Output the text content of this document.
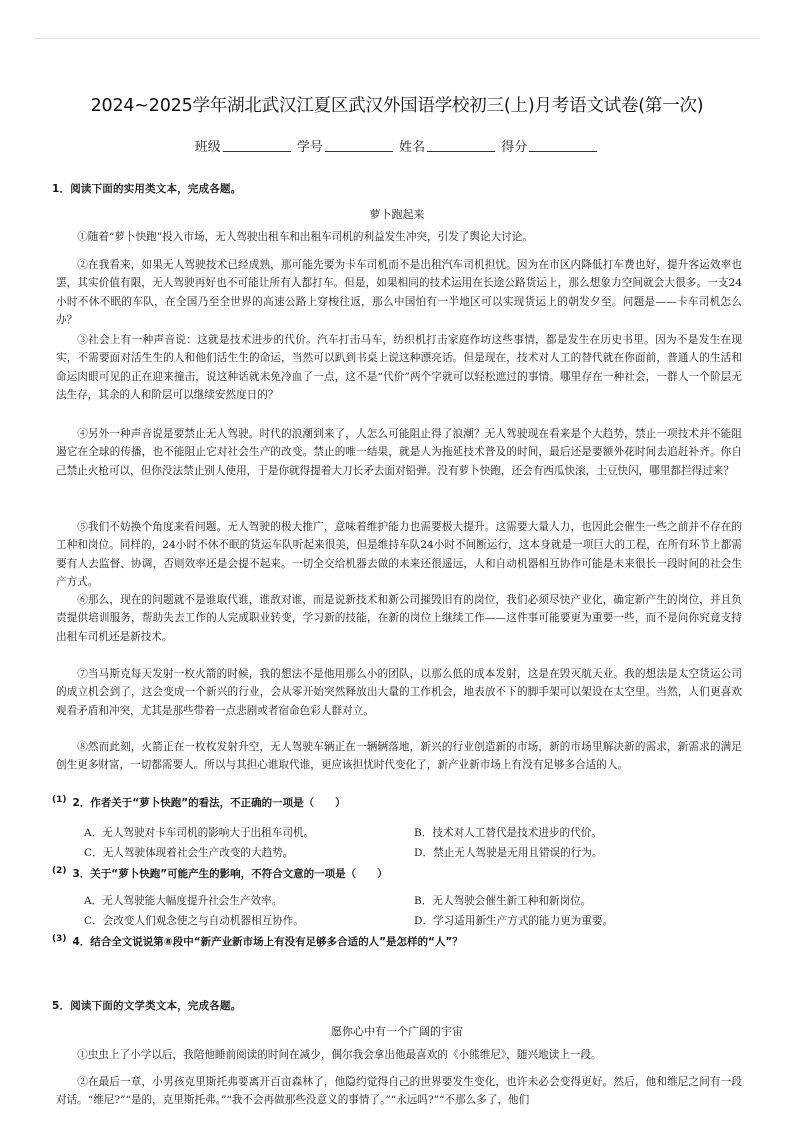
2024~2025学年湖北武汉江夏区武汉外国语学校初三(上)月考语文试卷(第一次)
班级	学号	姓名	得分
1．阅读下面的实用类文本，完成各题。
萝卜跑起来

①随着“萝卜快跑”投入市场，无人驾驶出租车和出租车司机的利益发生冲突，引发了舆论大讨论。

②在我看来，如果无人驾驶技术已经成熟，那可能先要为卡车司机而不是出租汽车司机担忧。因为在市区内降低打车费也好，提升客运效率也罢，其实价值有限，无人驾驶再好也不可能让所有人都打车。但是，如果相同的技术运用在长途公路货运上，那么想象力空间就会大很多。一支24小时不休不眠的车队，在全国乃至全世界的高速公路上穿梭往返，那么中国怕有一半地区可以实现货运上的朝发夕至。问题是——卡车司机怎么办？

③社会上有一种声音说：这就是技术进步的代价。汽车打击马车，纺织机打击家庭作坊这些事情，都是发生在历史书里。因为不是发生在现实，不需要面对活生生的人和他们活生生的命运，当然可以趴到书桌上说这种漂亮话。但是现在，技术对人工的替代就在你面前，普通人的生活和命运肉眼可见的正在迎来撞击，说这种话就未免冷血了一点，这不是“代价”两个字就可以轻松遮过的事情。哪里存在一种社会，一群人一个阶层无法生存，其余的人和阶层可以继续安然度日的？

④另外一种声音说是要禁止无人驾驶。时代的浪潮到来了，人怎么可能阻止得了浪潮？无人驾驶现在看来是个大趋势，禁止一项技术并不能阻遏它在全球的传播，也不能阻止它对社会生产的改变。禁止的唯一结果，就是人为拖延技术普及的时间，最后还是要额外花时间去追赶补齐。你自己禁止火枪可以，但你没法禁止别人使用，于是你就得提着大刀长矛去面对铅弹。没有萝卜快跑，还会有西瓜快滚，土豆快闪，哪里都拦得过来？

⑤我们不妨换个角度来看问题。无人驾驶的极大推广，意味着维护能力也需要极大提升。这需要大量人力，也因此会催生一些之前并不存在的工种和岗位。同样的，24小时不休不眠的货运车队听起来很美，但是维持车队24小时不间断运行，这本身就是一项巨大的工程，在所有环节上都需要有人去监督、协调，否则效率还是会提不起来。一切全交给机器去做的未来还很遥远，人和自动机器相互协作可能是未来很长一段时间的社会生产方式。

⑥那么，现在的问题就不是谁取代谁，谁敌对谁，而是说新技术和新公司摧毁旧有的岗位，我们必须尽快产业化，确定新产生的岗位，并且负责提供培训服务，帮助失去工作的人完成职业转变，学习新的技能，在新的岗位上继续工作——这件事可能要更为重要一些，而不是问你究竟支持出租车司机还是新技术。

⑦当马斯克每天发射一枚火箭的时候，我的想法不是他用那么小的团队，以那么低的成本发射，这是在毁灭航天业。我的想法是太空货运公司的成立机会到了，这会变成一个新兴的行业，会从零开始突然释放出大量的工作机会，地表放不下的脚手架可以架设在太空里。当然，人们更喜欢观看矛盾和冲突，尤其是那些带着一点悲剧或者宿命色彩人群对立。

⑧然而此刻，火箭正在一枚枚发射升空，无人驾驶车辆正在一辆辆落地，新兴的行业创造新的市场，新的市场里解决新的需求，新需求的满足创生更多财富，一切都需要人。所以与其担心谁取代谁，更应该担忧时代变化了，新产业新市场上有没有足够多合适的人。

(1) 2．作者关于“萝卜快跑”的看法，不正确的一项是（　　）
A．无人驾驶对卡车司机的影响大于出租车司机。	B．技术对人工替代是技术进步的代价。
C．无人驾驶体现着社会生产改变的大趋势。	D．禁止无人驾驶是无用且错误的行为。
(2) 3．关于“萝卜快跑”可能产生的影响，不符合文意的一项是（　　）
A．无人驾驶能大幅度提升社会生产效率。	B．无人驾驶会催生新工种和新岗位。
C．会改变人们观念使之与自动机器相互协作。	D．学习适用新生产方式的能力更为重要。
(3) 4．结合全文说说第⑧段中“新产业新市场上有没有足够多合适的人”是怎样的“人”？
5．阅读下面的文学类文本，完成各题。
愿你心中有一个广阔的宇宙

①虫虫上了小学以后，我陪他睡前阅读的时间在减少，偶尔我会拿出他最喜欢的《小熊维尼》，随兴地读上一段。

②在最后一章，小男孩克里斯托弗要离开百亩森林了，他隐约觉得自己的世界要发生变化，也许未必会变得更好。然后，他和维尼之间有一段对话。“维尼?”“是的，克里斯托弗。”“我不会再做那些没意义的事情了。”“永远吗?”“不那么多了，他们
